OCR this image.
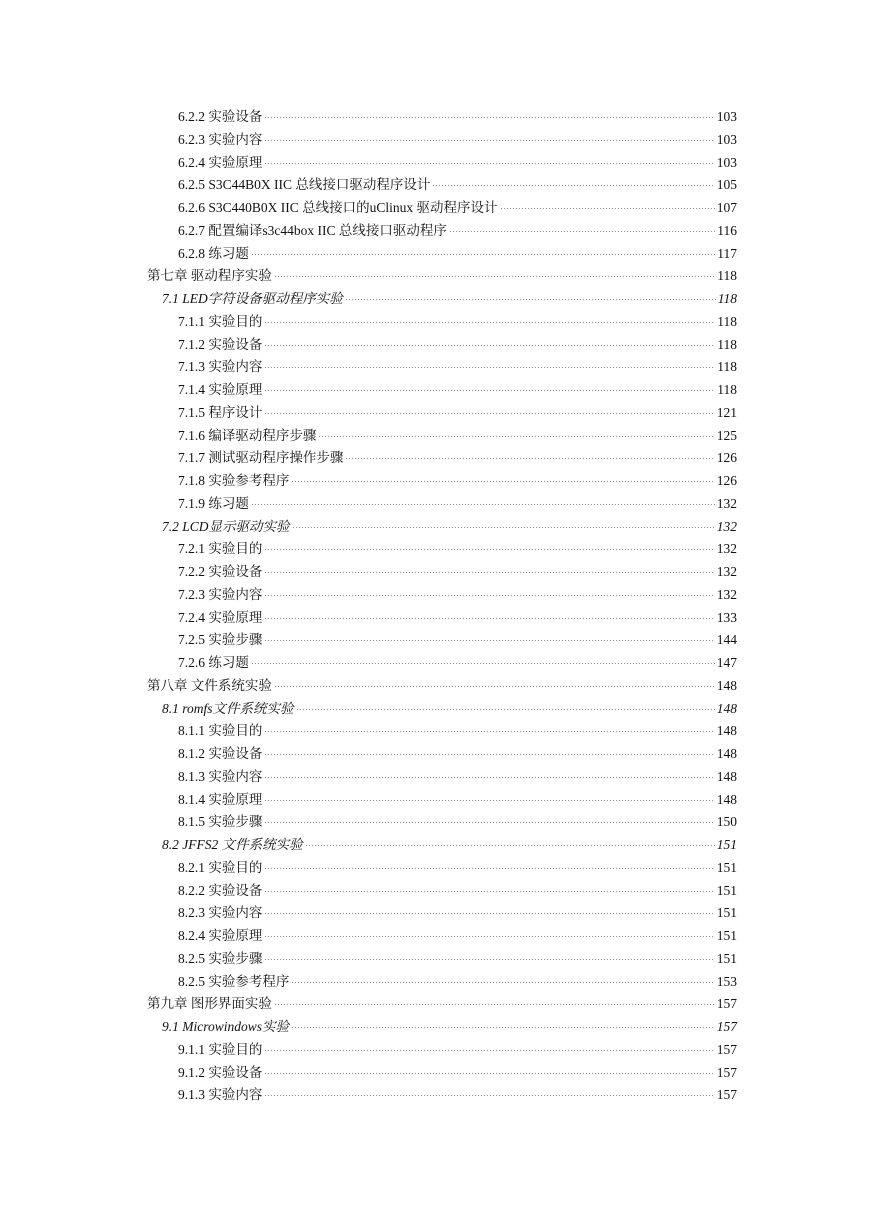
6.2.2 实验设备	103
6.2.3 实验内容	103
6.2.4 实验原理	103
6.2.5 S3C44B0X IIC 总线接口驱动程序设计	105
6.2.6 S3C440B0X IIC 总线接口的uClinux 驱动程序设计	107
6.2.7 配置编译s3c44box IIC 总线接口驱动程序	116
6.2.8 练习题	117
第七章 驱动程序实验	118
7.1 LED字符设备驱动程序实验	118
7.1.1 实验目的	118
7.1.2 实验设备	118
7.1.3 实验内容	118
7.1.4 实验原理	118
7.1.5 程序设计	121
7.1.6 编译驱动程序步骤	125
7.1.7 测试驱动程序操作步骤	126
7.1.8 实验参考程序	126
7.1.9 练习题	132
7.2 LCD显示驱动实验	132
7.2.1 实验目的	132
7.2.2 实验设备	132
7.2.3 实验内容	132
7.2.4 实验原理	133
7.2.5 实验步骤	144
7.2.6 练习题	147
第八章 文件系统实验	148
8.1 romfs文件系统实验	148
8.1.1 实验目的	148
8.1.2 实验设备	148
8.1.3 实验内容	148
8.1.4 实验原理	148
8.1.5 实验步骤	150
8.2 JFFS2 文件系统实验	151
8.2.1 实验目的	151
8.2.2 实验设备	151
8.2.3 实验内容	151
8.2.4 实验原理	151
8.2.5 实验步骤	151
8.2.5 实验参考程序	153
第九章 图形界面实验	157
9.1 Microwindows实验	157
9.1.1 实验目的	157
9.1.2 实验设备	157
9.1.3 实验内容	157
